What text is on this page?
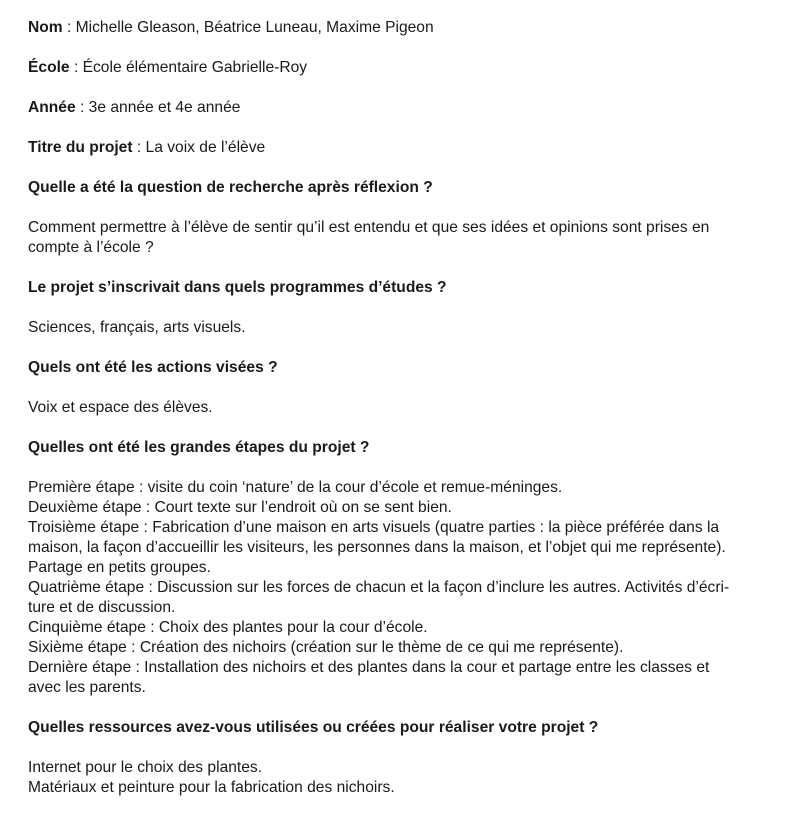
Nom : Michelle Gleason, Béatrice Luneau, Maxime Pigeon

École : École élémentaire Gabrielle-Roy

Année : 3e année et 4e année

Titre du projet : La voix de l’élève

Quelle a été la question de recherche après réflexion ?

Comment permettre à l’élève de sentir qu’il est entendu et que ses idées et opinions sont prises en
compte à l’école ?

Le projet s’inscrivait dans quels programmes d’études ?

Sciences, français, arts visuels.

Quels ont été les actions visées ?

Voix et espace des élèves.

Quelles ont été les grandes étapes du projet ?

Première étape : visite du coin ‘nature’ de la cour d’école et remue-méninges.
Deuxième étape : Court texte sur l’endroit où on se sent bien.
Troisième étape : Fabrication d’une maison en arts visuels (quatre parties : la pièce préférée dans la
maison, la façon d’accueillir les visiteurs, les personnes dans la maison, et l’objet qui me représente).
Partage en petits groupes.
Quatrième étape : Discussion sur les forces de chacun et la façon d’inclure les autres. Activités d’écri-
ture et de discussion.
Cinquième étape : Choix des plantes pour la cour d’école.
Sixième étape : Création des nichoirs (création sur le thème de ce qui me représente).
Dernière étape : Installation des nichoirs et des plantes dans la cour et partage entre les classes et
avec les parents.

Quelles ressources avez-vous utilisées ou créées pour réaliser votre projet ?

Internet pour le choix des plantes.
Matériaux et peinture pour la fabrication des nichoirs.
